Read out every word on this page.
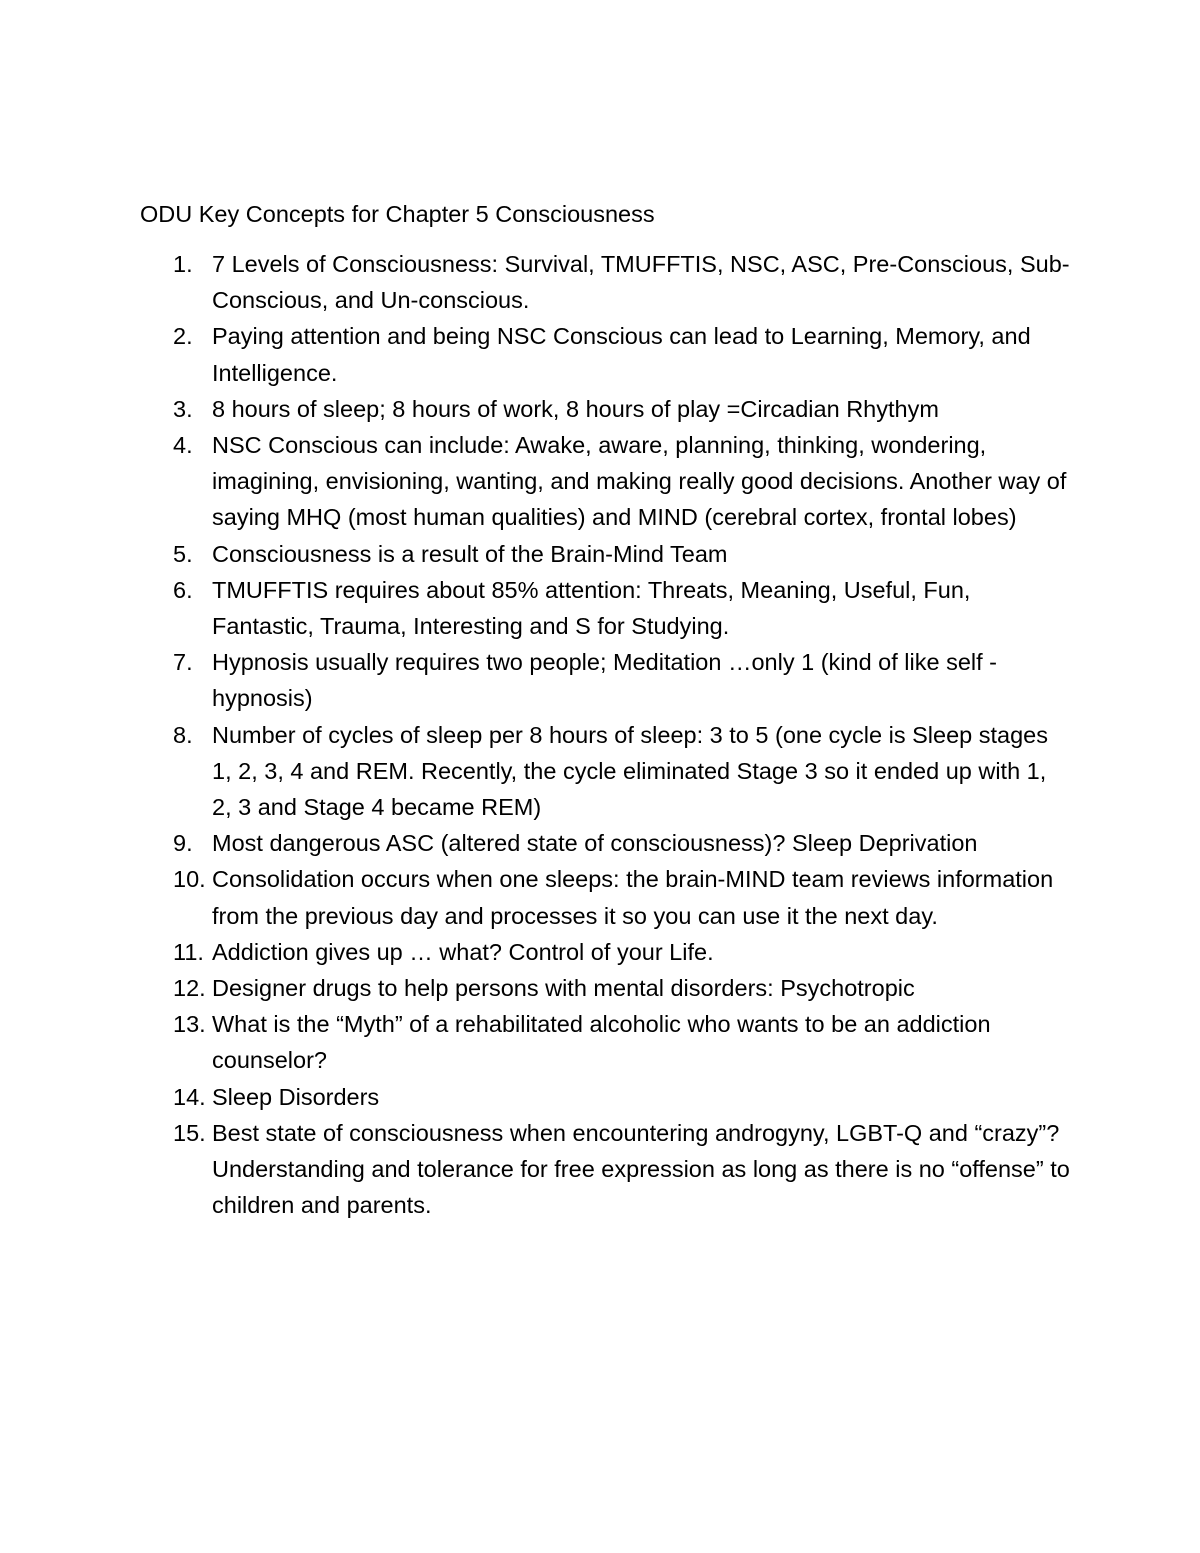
ODU Key Concepts for Chapter 5 Consciousness
1. 7 Levels of Consciousness: Survival, TMUFFTIS, NSC, ASC, Pre-Conscious, Sub-Conscious, and Un-conscious.
2. Paying attention and being NSC Conscious can lead to Learning, Memory, and Intelligence.
3. 8 hours of sleep; 8 hours of work, 8 hours of play =Circadian Rhythym
4. NSC Conscious can include: Awake, aware, planning, thinking, wondering, imagining, envisioning, wanting, and making really good decisions. Another way of saying MHQ (most human qualities) and MIND (cerebral cortex, frontal lobes)
5. Consciousness is a result of the Brain-Mind Team
6. TMUFFTIS requires about 85% attention: Threats, Meaning, Useful, Fun, Fantastic, Trauma, Interesting and S for Studying.
7. Hypnosis usually requires two people; Meditation …only 1 (kind of like self -hypnosis)
8. Number of cycles of sleep per 8 hours of sleep: 3 to 5 (one cycle is Sleep stages 1, 2, 3, 4 and REM. Recently, the cycle eliminated Stage 3 so it ended up with 1, 2, 3 and Stage 4 became REM)
9. Most dangerous ASC (altered state of consciousness)? Sleep Deprivation
10. Consolidation occurs when one sleeps: the brain-MIND team reviews information from the previous day and processes it so you can use it the next day.
11. Addiction gives up … what? Control of your Life.
12. Designer drugs to help persons with mental disorders: Psychotropic
13. What is the “Myth” of a rehabilitated alcoholic who wants to be an addiction counselor?
14. Sleep Disorders
15. Best state of consciousness when encountering androgyny, LGBT-Q and “crazy”? Understanding and tolerance for free expression as long as there is no “offense” to children and parents.
